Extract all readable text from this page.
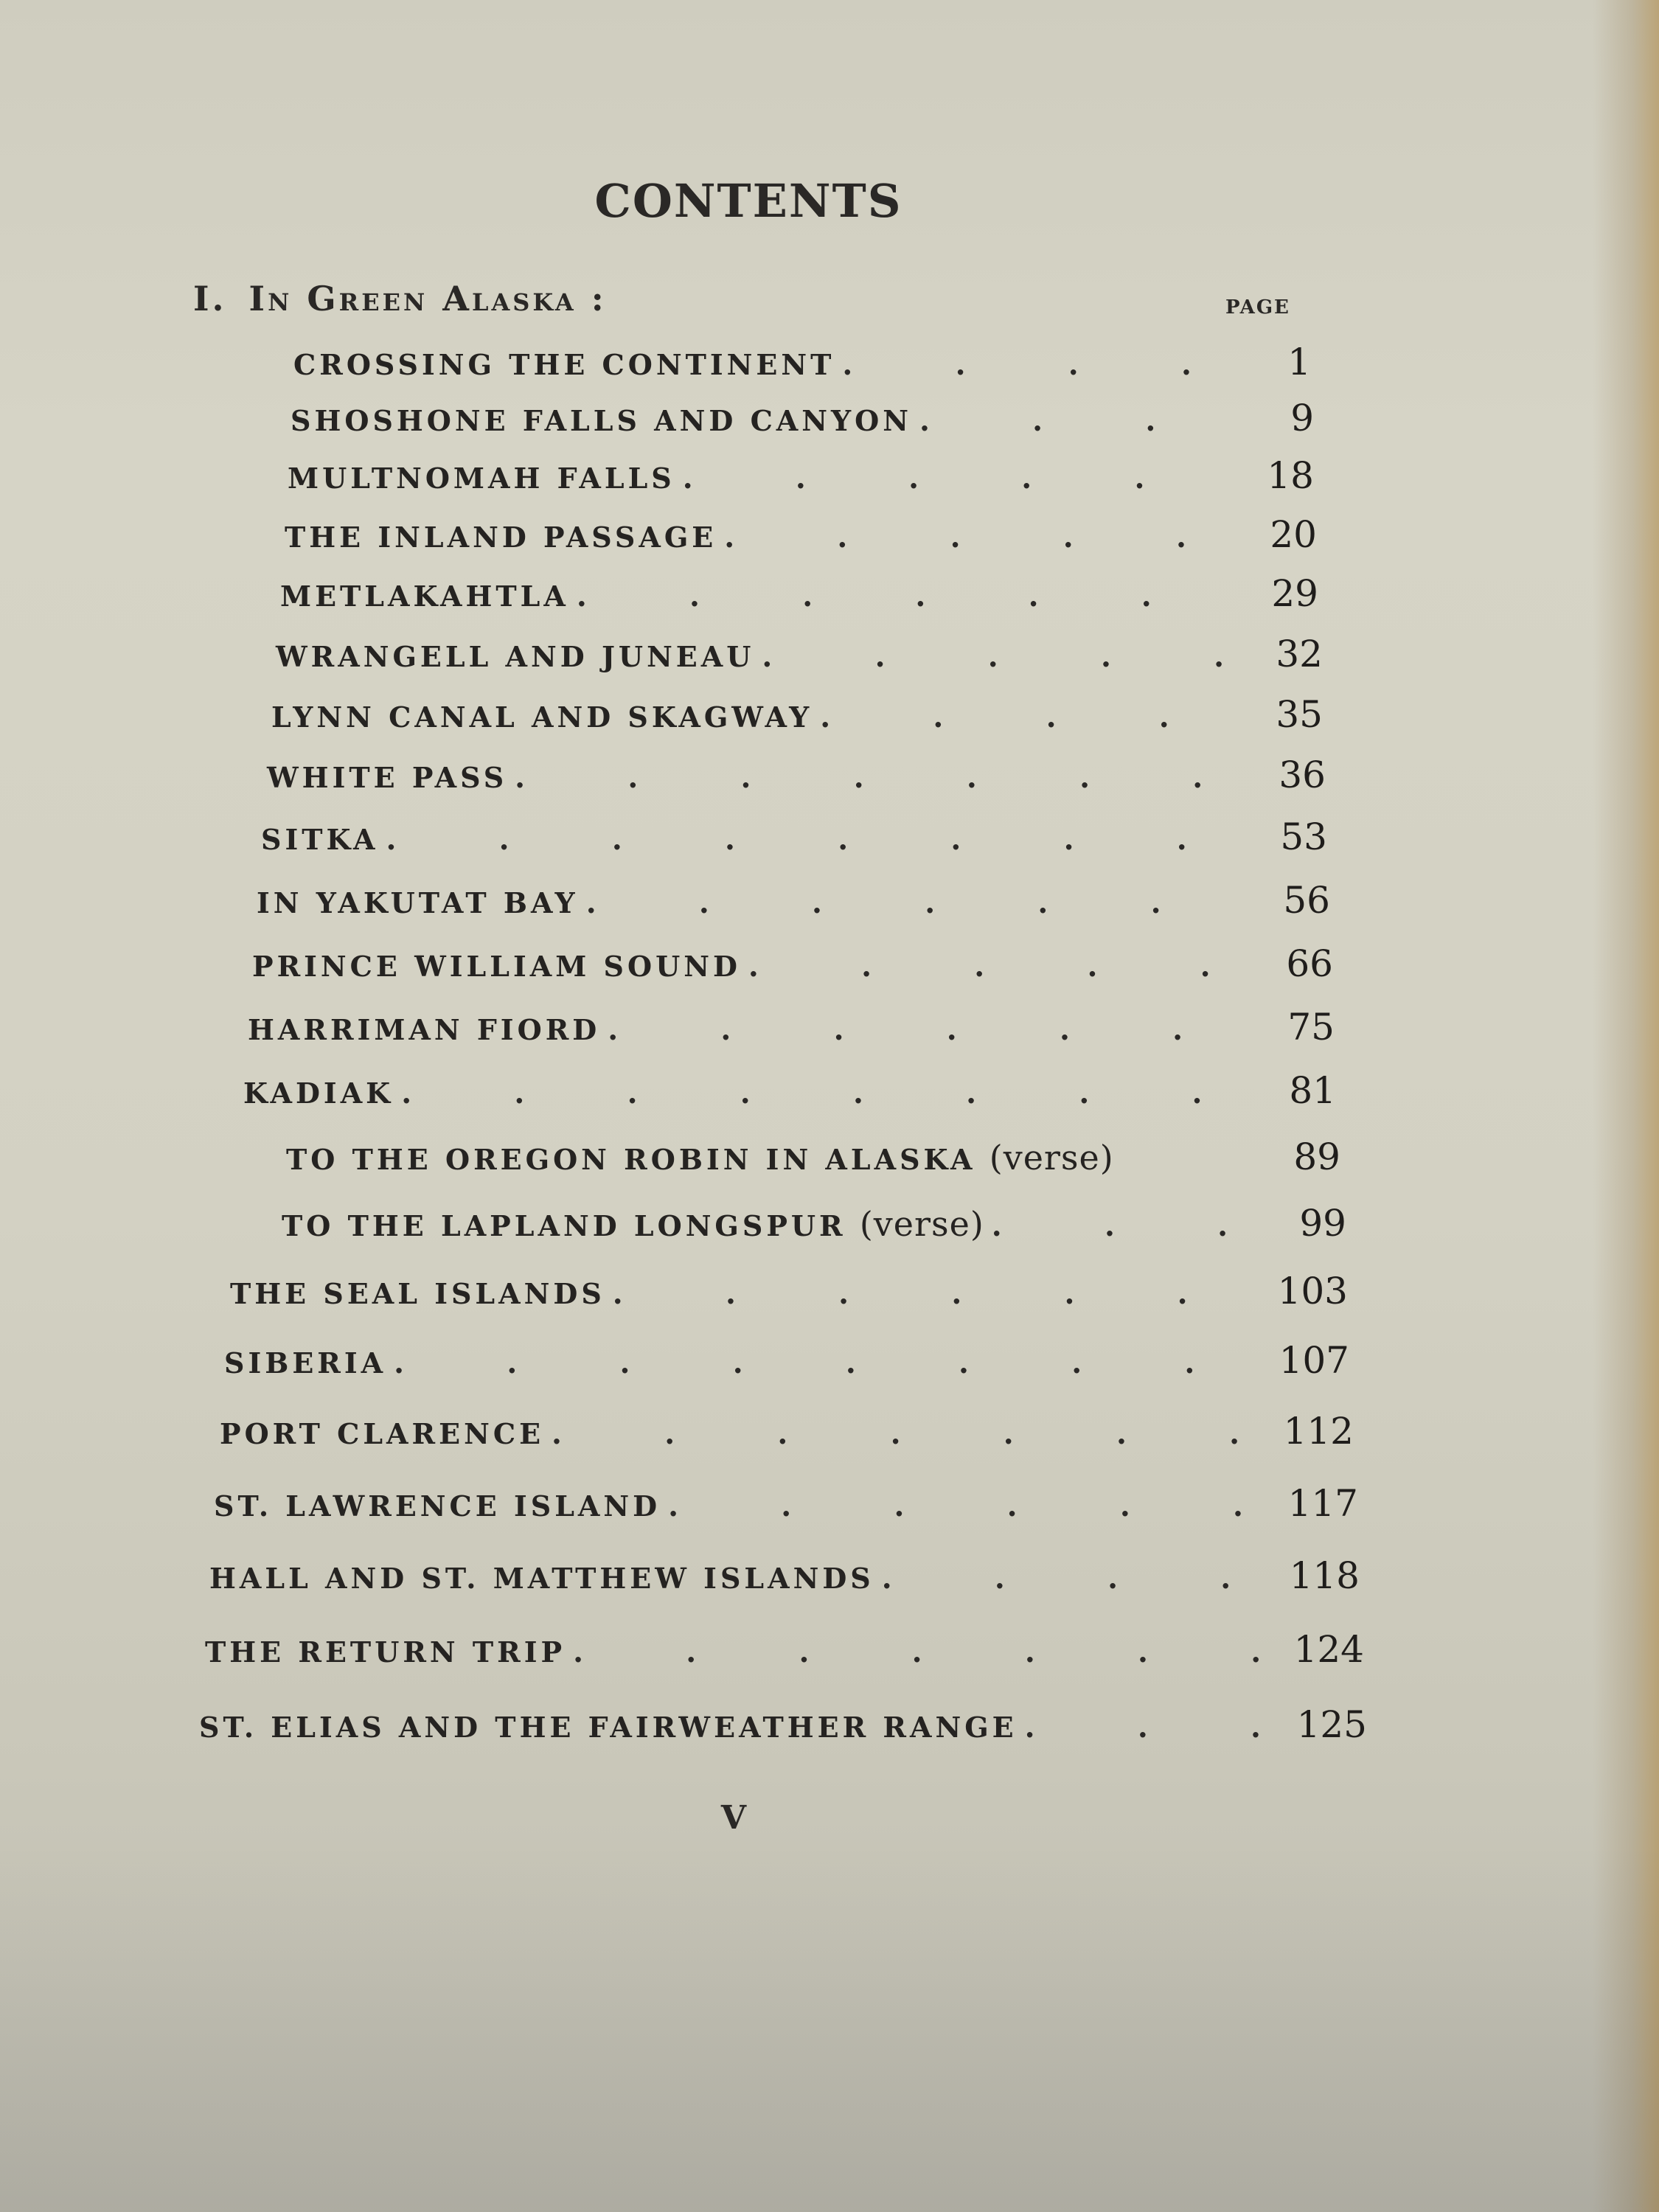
CONTENTS
I. In Green Alaska :	PAGE
CROSSING THE CONTINENT .	1
SHOSHONE FALLS AND CANYON .	9
MULTNOMAH FALLS .	18
THE INLAND PASSAGE .	20
METLAKAHTLA .	29
WRANGELL AND JUNEAU .	32
LYNN CANAL AND SKAGWAY .	35
WHITE PASS .	36
SITKA .	53
IN YAKUTAT BAY .	56
PRINCE WILLIAM SOUND .	66
HARRIMAN FIORD .	75
KADIAK .	81
TO THE OREGON ROBIN IN ALASKA (verse)	89
TO THE LAPLAND LONGSPUR (verse) .	99
THE SEAL ISLANDS .	103
SIBERIA .	107
PORT CLARENCE .	112
ST. LAWRENCE ISLAND .	117
HALL AND ST. MATTHEW ISLANDS .	118
THE RETURN TRIP .	124
ST. ELIAS AND THE FAIRWEATHER RANGE .	125
V
